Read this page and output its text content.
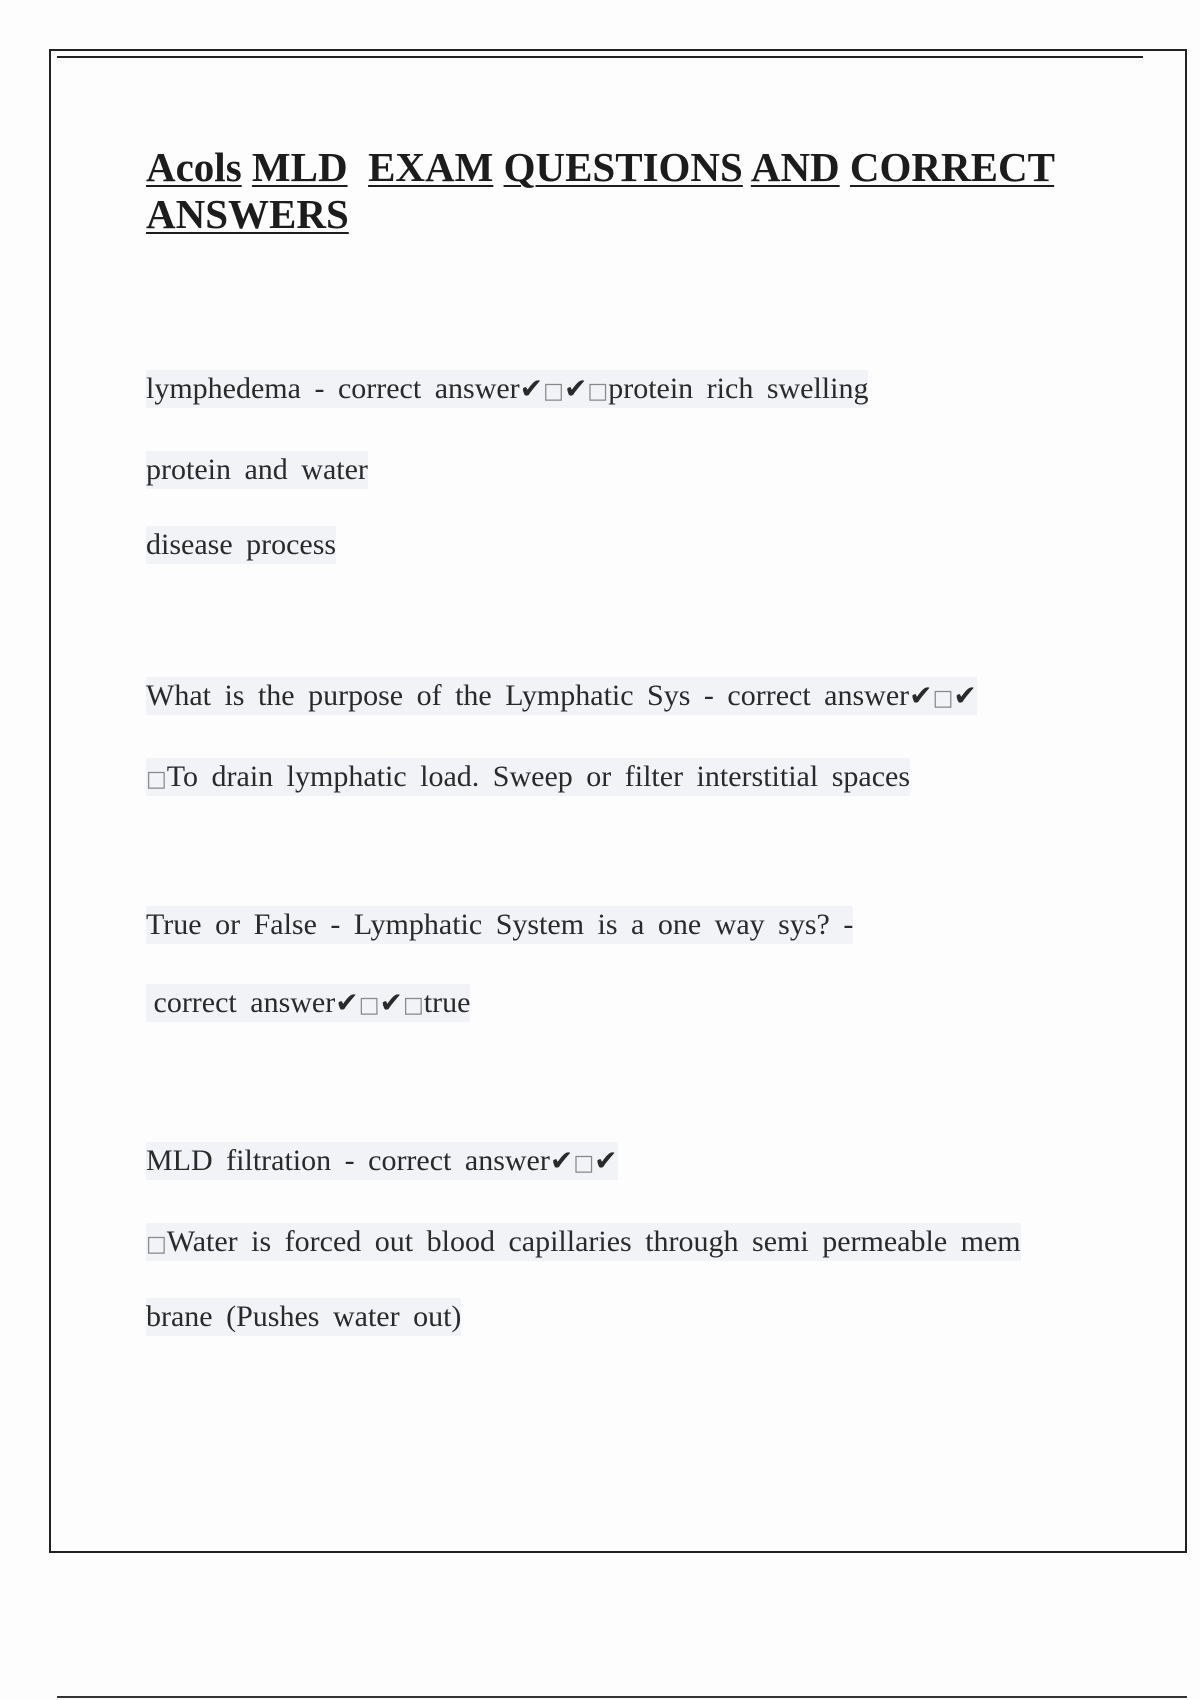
Acols MLD EXAM QUESTIONS AND CORRECT ANSWERS
lymphedema - correct answer✔□✔□protein rich swelling
protein and water
disease process
What is the purpose of the Lymphatic Sys - correct answer✔□✔
□To drain lymphatic load. Sweep or filter interstitial spaces
True or False - Lymphatic System is a one way sys? -
correct answer✔□✔□true
MLD filtration - correct answer✔□✔
□Water is forced out blood capillaries through semi permeable mem
brane (Pushes water out)
